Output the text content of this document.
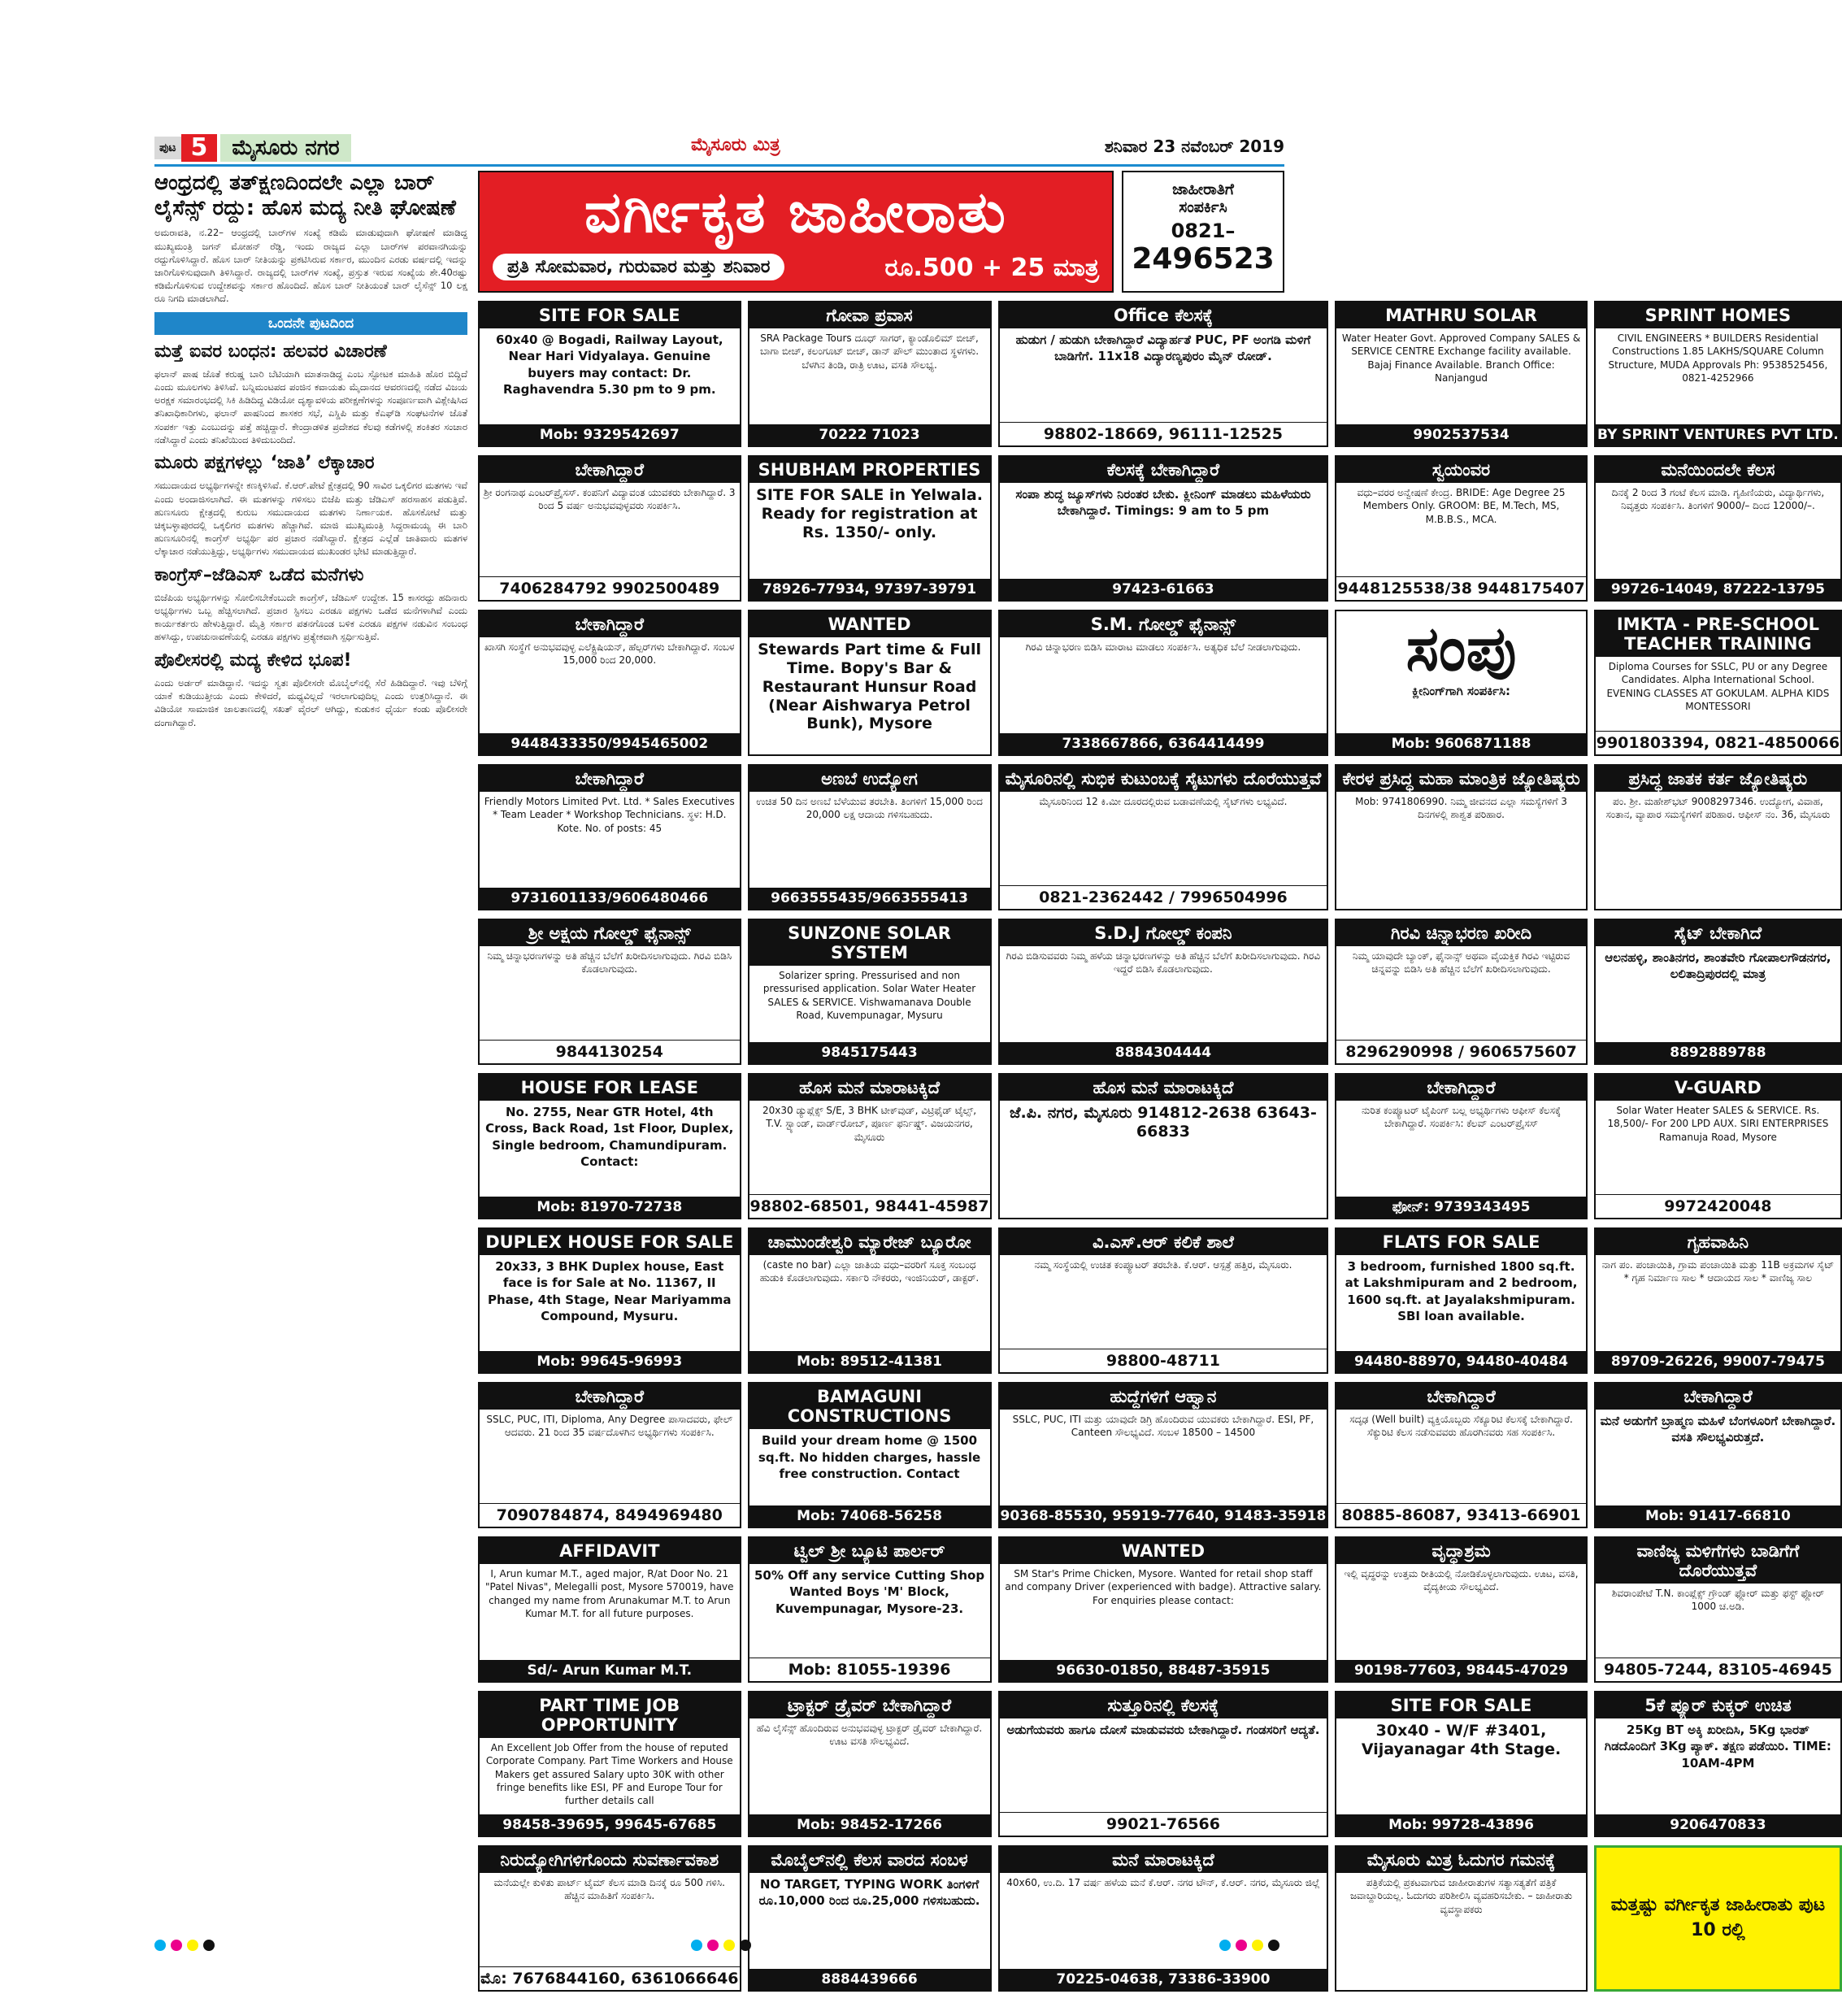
ಪುಟ 5	ಮೈಸೂರು ನಗರ	ಮೈಸೂರು ಮಿತ್ರ	ಶನಿವಾರ 23 ನವೆಂಬರ್ 2019
ಆಂಧ್ರದಲ್ಲಿ ತತ್‌ಕ್ಷಣದಿಂದಲೇ ಎಲ್ಲಾ ಬಾರ್ ಲೈಸೆನ್ಸ್ ರದ್ದು: ಹೊಸ ಮದ್ಯ ನೀತಿ ಘೋಷಣೆ
ಅಮರಾವತಿ, ನ.22– ಆಂಧ್ರದಲ್ಲಿ ಬಾರ್‌ಗಳ ಸಂಖ್ಯೆ ಕಡಿಮೆ ಮಾಡುವುದಾಗಿ ಘೋಷಣೆ ಮಾಡಿದ್ದ ಮುಖ್ಯಮಂತ್ರಿ ಜಗನ್ ಮೋಹನ್ ರೆಡ್ಡಿ, ಇಂದು ರಾಜ್ಯದ ಎಲ್ಲಾ ಬಾರ್‌ಗಳ ಪರವಾನಗಿಯನ್ನು ರದ್ದುಗೊಳಿಸಿದ್ದಾರೆ. ಹೊಸ ಬಾರ್ ನೀತಿಯನ್ನು ಪ್ರಕಟಿಸಿರುವ ಸರ್ಕಾರ, ಮುಂದಿನ ಎರಡು ವರ್ಷದಲ್ಲಿ ಇದನ್ನು ಜಾರಿಗೊಳಿಸುವುದಾಗಿ ತಿಳಿಸಿದ್ದಾರೆ. ರಾಜ್ಯದಲ್ಲಿ ಬಾರ್‌ಗಳ ಸಂಖ್ಯೆ, ಪ್ರಸ್ತುತ ಇರುವ ಸಂಖ್ಯೆಯ ಶೇ.40ರಷ್ಟು ಕಡಿಮೆಗೊಳಿಸುವ ಉದ್ದೇಶವನ್ನು ಸರ್ಕಾರ ಹೊಂದಿದೆ. ಹೊಸ ಬಾರ್ ನೀತಿಯಂತೆ ಬಾರ್ ಲೈಸೆನ್ಸ್ 10 ಲಕ್ಷ ರೂ ನಿಗದಿ ಮಾಡಲಾಗಿದೆ.
ಒಂದನೇ ಪುಟದಿಂದ
ಮತ್ತೆ ಐವರ ಬಂಧನ: ಹಲವರ ವಿಚಾರಣೆ
ಫಲಾನ್ ಪಾಷ ಜೊತೆ ಕರುಷ್ಣ ಬಾರಿ ಬೆಟಿಯಾಗಿ ಮಾತನಾಡಿದ್ದ ಎಂಬ ಸ್ಫೋಟಕ ಮಾಹಿತಿ ಹೊರ ಬಿದ್ದಿದೆ ಎಂದು ಮೂಲಗಳು ತಿಳಿಸಿವೆ. ಬನ್ನಿಮಂಟಪದ ಪಂಜಿನ ಕವಾಯತು ಮೈದಾನದ ಆವರಣದಲ್ಲಿ ನಡೆದ ವಿಜಯ ಅರಕ್ಷಕ ಸಮಾರಂಭದಲ್ಲಿ ಸಿಕಿ ಹಿಡಿದಿದ್ದ ವಿಡಿಯೋ ದೃಶ್ಯಾವಳಿಯ ಪರೀಕ್ಷಣೆಗಳನ್ನು ಸಂಪೂರ್ಣವಾಗಿ ವಿಶ್ಲೇಷಿಸಿದ ತನಿಖಾಧಿಕಾರಿಗಳು, ಫಲಾನ್ ಪಾಷನಿಂದ ಶಾಸಕರ ಸಭೆ, ಎಸ್ಡಿಪಿ ಮತ್ತು ಕೆಎಫ್‌ಡಿ ಸಂಘಟನೆಗಳ ಜೊತೆ ಸಂಪರ್ಕ ಇತ್ತು ಎಂಬುದನ್ನು ಪತ್ತೆ ಹಚ್ಚಿದ್ದಾರೆ. ಕೇಂದ್ರಾಡಳಿತ ಪ್ರದೇಶದ ಕೆಲವು ಕಡೆಗಳಲ್ಲಿ ಶಂಕಿತರ ಸಂಚಾರ ನಡೆಸಿದ್ದಾರೆ ಎಂದು ತನಿಖೆಯಿಂದ ತಿಳಿದುಬಂದಿದೆ.
ಮೂರು ಪಕ್ಷಗಳಲ್ಲು ‘ಜಾತಿ’ ಲೆಕ್ಕಾಚಾರ
ಸಮುದಾಯದ ಅಭ್ಯರ್ಥಿಗಳನ್ನೇ ಕಣಕ್ಕಿಳಿಸಿವೆ. ಕೆ.ಆರ್.ಪೇಟೆ ಕ್ಷೇತ್ರದಲ್ಲಿ 90 ಸಾವಿರ ಒಕ್ಕಲಿಗರ ಮತಗಳು ಇವೆ ಎಂದು ಅಂದಾಜಿಸಲಾಗಿದೆ. ಈ ಮತಗಳನ್ನು ಗಳಿಸಲು ಬಿಜೆಪಿ ಮತ್ತು ಜೆಡಿಎಸ್ ಹರಸಾಹಸ ಪಡುತ್ತಿವೆ. ಹುಣಸೂರು ಕ್ಷೇತ್ರದಲ್ಲಿ ಕುರುಬ ಸಮುದಾಯದ ಮತಗಳು ನಿರ್ಣಾಯಕ. ಹೊಸಕೋಟೆ ಮತ್ತು ಚಿಕ್ಕಬಳ್ಳಾಪುರದಲ್ಲಿ ಒಕ್ಕಲಿಗರ ಮತಗಳು ಹೆಚ್ಚಾಗಿವೆ. ಮಾಜಿ ಮುಖ್ಯಮಂತ್ರಿ ಸಿದ್ದರಾಮಯ್ಯ ಈ ಬಾರಿ ಹುಣಸೂರಿನಲ್ಲಿ ಕಾಂಗ್ರೆಸ್ ಅಭ್ಯರ್ಥಿ ಪರ ಪ್ರಚಾರ ನಡೆಸಿದ್ದಾರೆ. ಕ್ಷೇತ್ರದ ಎಲ್ಲೆಡೆ ಜಾತಿವಾರು ಮತಗಳ ಲೆಕ್ಕಾಚಾರ ನಡೆಯುತ್ತಿದ್ದು, ಅಭ್ಯರ್ಥಿಗಳು ಸಮುದಾಯದ ಮುಖಂಡರ ಭೇಟಿ ಮಾಡುತ್ತಿದ್ದಾರೆ.
ಕಾಂಗ್ರೆಸ್–ಜೆಡಿಎಸ್ ಒಡೆದ ಮನೆಗಳು
ಬಿಜೆಪಿಯ ಅಭ್ಯರ್ಥಿಗಳನ್ನು ಸೋಲಿಸಬೇಕೆಂಬುದೇ ಕಾಂಗ್ರೆಸ್, ಜೆಡಿಎಸ್ ಉದ್ದೇಶ. 15 ಕಾಸರದ್ದು ಹದಿನಾರು ಅಭ್ಯರ್ಥಿಗಳು ಒಬ್ಬ ಹೆಚ್ಚಿಸಲಾಗಿದೆ. ಪ್ರಚಾರ ಸ್ಟಿಸಲು ಎರಡೂ ಪಕ್ಷಗಳು ಒಡೆದ ಮನೆಗಳಾಗಿವೆ ಎಂದು ಕಾರ್ಯಕರ್ತರು ಹೇಳುತ್ತಿದ್ದಾರೆ. ಮೈತ್ರಿ ಸರ್ಕಾರ ಪತನಗೊಂಡ ಬಳಿಕ ಎರಡೂ ಪಕ್ಷಗಳ ನಡುವಿನ ಸಂಬಂಧ ಹಳಸಿದ್ದು, ಉಪಚುನಾವಣೆಯಲ್ಲಿ ಎರಡೂ ಪಕ್ಷಗಳು ಪ್ರತ್ಯೇಕವಾಗಿ ಸ್ಪರ್ಧಿಸುತ್ತಿವೆ.
ಪೊಲೀಸರಲ್ಲಿ ಮದ್ಯ ಕೇಳಿದ ಭೂಪ!
ಎಂದು ಅರ್ಡರ್ ಮಾಡಿದ್ದಾನೆ. ಇದನ್ನು ಸ್ವತಃ ಪೊಲೀಸರೇ ಮೊಬೈಲ್‌ನಲ್ಲಿ ಸೆರೆ ಹಿಡಿದಿದ್ದಾರೆ. ಇವು ಬೆಳಿಗ್ಗೆ ಯಾಕೆ ಕುಡಿಯುತ್ತೀಯ ಎಂದು ಕೇಳಿದರೆ, ಮಧ್ಯವಿಲ್ಲದೆ ಇರಲಾಗುವುದಿಲ್ಲ ಎಂದು ಉತ್ತರಿಸಿದ್ದಾನೆ. ಈ ವಿಡಿಯೋ ಸಾಮಾಜಿಕ ಜಾಲತಾಣದಲ್ಲಿ ಸಖತ್ ವೈರಲ್ ಆಗಿದ್ದು, ಕುಡುಕನ ಧೈರ್ಯ ಕಂಡು ಪೊಲೀಸರೇ ದಂಗಾಗಿದ್ದಾರೆ.
ವರ್ಗೀಕೃತ ಜಾಹೀರಾತು
ಪ್ರತಿ ಸೋಮವಾರ, ಗುರುವಾರ ಮತ್ತು ಶನಿವಾರ	ರೂ.500 + 25 ಮಾತ್ರ
ಜಾಹೀರಾತಿಗೆ
ಸಂಪರ್ಕಿಸಿ
0821–
2496523
SITE FOR SALE
60x40 @ Bogadi, Railway Layout, Near Hari Vidyalaya. Genuine buyers may contact: Dr. Raghavendra 5.30 pm to 9 pm.
Mob: 9329542697
ಗೋವಾ ಪ್ರವಾಸ
SRA Package Tours ದೂಧ್ ಸಾಗರ್, ಕ್ಯಾಂಡೊಲಿಮ್ ಬೀಚ್, ಬಾಗಾ ಬೀಚ್, ಕಲಂಗೂಟ್ ಬೀಚ್, ಡಾನ್ ಪೌಲ್ ಮುಂತಾದ ಸ್ಥಳಗಳು. ಬೆಳಗಿನ ತಿಂಡಿ, ರಾತ್ರಿ ಊಟ, ವಸತಿ ಸೌಲಭ್ಯ.
70222 71023
Office ಕೆಲಸಕ್ಕೆ
ಹುಡುಗ / ಹುಡುಗಿ ಬೇಕಾಗಿದ್ದಾರೆ ವಿದ್ಯಾರ್ಹತೆ PUC, PF ಅಂಗಡಿ ಮಳಿಗೆ ಬಾಡಿಗೆಗೆ. 11x18 ವಿದ್ಯಾರಣ್ಯಪುರಂ ಮೈನ್ ರೋಡ್.
98802-18669, 96111-12525
MATHRU SOLAR
Water Heater Govt. Approved Company SALES & SERVICE CENTRE Exchange facility available. Bajaj Finance Available. Branch Office: Nanjangud
9902537534
SPRINT HOMES
CIVIL ENGINEERS * BUILDERS Residential Constructions 1.85 LAKHS/SQUARE Column Structure, MUDA Approvals Ph: 9538525456, 0821-4252966
BY SPRINT VENTURES PVT LTD.
ಬೇಕಾಗಿದ್ದಾರೆ
ಶ್ರೀ ರಂಗನಾಥ ಎಂಟರ್‌ಪ್ರೈಸಸ್. ಕಂಪನಿಗೆ ವಿದ್ಯಾವಂತ ಯುವಕರು ಬೇಕಾಗಿದ್ದಾರೆ. 3 ರಿಂದ 5 ವರ್ಷ ಅನುಭವವುಳ್ಳವರು ಸಂಪರ್ಕಿಸಿ.
7406284792 9902500489
SHUBHAM PROPERTIES
SITE FOR SALE in Yelwala. Ready for registration at Rs. 1350/- only.
78926-77934, 97397-39791
ಕೆಲಸಕ್ಕೆ ಬೇಕಾಗಿದ್ದಾರೆ
ಸಂಪಾ ಶುದ್ಧ ಜ್ಯೂಸ್‌ಗಳು ನಿರಂತರ ಬೇಕು. ಕ್ಲೀನಿಂಗ್ ಮಾಡಲು ಮಹಿಳೆಯರು ಬೇಕಾಗಿದ್ದಾರೆ. Timings: 9 am to 5 pm
97423-61663
ಸ್ವಯಂವರ
ವಧು–ವರರ ಅನ್ವೇಷಣೆ ಕೇಂದ್ರ. BRIDE: Age Degree 25 Members Only. GROOM: BE, M.Tech, MS, M.B.B.S., MCA.
9448125538/38 9448175407
ಮನೆಯಿಂದಲೇ ಕೆಲಸ
ದಿನಕ್ಕೆ 2 ರಿಂದ 3 ಗಂಟೆ ಕೆಲಸ ಮಾಡಿ. ಗೃಹಿಣಿಯರು, ವಿದ್ಯಾರ್ಥಿಗಳು, ನಿವೃತ್ತರು ಸಂಪರ್ಕಿಸಿ. ತಿಂಗಳಿಗೆ 9000/– ದಿಂದ 12000/–.
99726-14049, 87222-13795
ಬೇಕಾಗಿದ್ದಾರೆ
ಖಾಸಗಿ ಸಂಸ್ಥೆಗೆ ಅನುಭವವುಳ್ಳ ಎಲೆಕ್ಟ್ರಿಷಿಯನ್, ಹೆಲ್ಪರ್‌ಗಳು ಬೇಕಾಗಿದ್ದಾರೆ. ಸಂಬಳ 15,000 ರಿಂದ 20,000.
9448433350/9945465002
WANTED
Stewards Part time & Full Time. Bopy's Bar & Restaurant Hunsur Road (Near Aishwarya Petrol Bunk), Mysore
S.M. ಗೋಲ್ಡ್ ಫೈನಾನ್ಸ್
ಗಿರವಿ ಚಿನ್ನಾಭರಣ ಬಿಡಿಸಿ ಮಾರಾಟ ಮಾಡಲು ಸಂಪರ್ಕಿಸಿ. ಅತ್ಯಧಿಕ ಬೆಲೆ ನೀಡಲಾಗುವುದು.
7338667866, 6364414499
ಸಂಪು
ಕ್ಲೀನಿಂಗ್‌ಗಾಗಿ ಸಂಪರ್ಕಿಸಿ:
Mob: 9606871188
IMKTA - PRE-SCHOOL TEACHER TRAINING
Diploma Courses for SSLC, PU or any Degree Candidates. Alpha International School. EVENING CLASSES AT GOKULAM. ALPHA KIDS MONTESSORI
9901803394, 0821-4850066
ಬೇಕಾಗಿದ್ದಾರೆ
Friendly Motors Limited Pvt. Ltd. * Sales Executives * Team Leader * Workshop Technicians. ಸ್ಥಳ: H.D. Kote. No. of posts: 45
9731601133/9606480466
ಅಣಬೆ ಉದ್ಯೋಗ
ಉಚಿತ 50 ದಿನ ಅಣಬೆ ಬೆಳೆಯುವ ತರಬೇತಿ. ತಿಂಗಳಿಗೆ 15,000 ರಿಂದ 20,000 ಲಕ್ಷ ಆದಾಯ ಗಳಿಸಬಹುದು.
9663555435/9663555413
ಮೈಸೂರಿನಲ್ಲಿ ಸುಭಿಕ ಕುಟುಂಬಕ್ಕೆ ಸೈಟುಗಳು ದೊರೆಯುತ್ತವೆ
ಮೈಸೂರಿನಿಂದ 12 ಕಿ.ಮೀ ದೂರದಲ್ಲಿರುವ ಬಡಾವಣೆಯಲ್ಲಿ ಸೈಟ್‌ಗಳು ಲಭ್ಯವಿದೆ.
0821-2362442 / 7996504996
ಕೇರಳ ಪ್ರಸಿದ್ಧ ಮಹಾ ಮಾಂತ್ರಿಕ ಜ್ಯೋತಿಷ್ಯರು
Mob: 9741806990. ನಿಮ್ಮ ಜೀವನದ ಎಲ್ಲಾ ಸಮಸ್ಯೆಗಳಿಗೆ 3 ದಿನಗಳಲ್ಲಿ ಶಾಶ್ವತ ಪರಿಹಾರ.
ಪ್ರಸಿದ್ಧ ಜಾತಕ ಕರ್ತ ಜ್ಯೋತಿಷ್ಯರು
ಪಂ. ಶ್ರೀ. ಮಹೇಶ್‌ಭಟ್ 9008297346. ಉದ್ಯೋಗ, ವಿವಾಹ, ಸಂತಾನ, ವ್ಯಾಪಾರ ಸಮಸ್ಯೆಗಳಿಗೆ ಪರಿಹಾರ. ಆಫೀಸ್ ನಂ. 36, ಮೈಸೂರು
ಶ್ರೀ ಅಕ್ಷಯ ಗೋಲ್ಡ್ ಫೈನಾನ್ಸ್
ನಿಮ್ಮ ಚಿನ್ನಾಭರಣಗಳನ್ನು ಅತಿ ಹೆಚ್ಚಿನ ಬೆಲೆಗೆ ಖರೀದಿಸಲಾಗುವುದು. ಗಿರವಿ ಬಿಡಿಸಿ ಕೊಡಲಾಗುವುದು.
9844130254
SUNZONE SOLAR SYSTEM
Solarizer spring. Pressurised and non pressurised application. Solar Water Heater SALES & SERVICE. Vishwamanava Double Road, Kuvempunagar, Mysuru
9845175443
S.D.J ಗೋಲ್ಡ್ ಕಂಪನಿ
ಗಿರವಿ ಬಿಡಿಸುವವರು ನಿಮ್ಮ ಹಳೆಯ ಚಿನ್ನಾಭರಣಗಳನ್ನು ಅತಿ ಹೆಚ್ಚಿನ ಬೆಲೆಗೆ ಖರೀದಿಸಲಾಗುವುದು. ಗಿರವಿ ಇದ್ದರೆ ಬಿಡಿಸಿ ಕೊಡಲಾಗುವುದು.
8884304444
ಗಿರವಿ ಚಿನ್ನಾಭರಣ ಖರೀದಿ
ನಿಮ್ಮ ಯಾವುದೇ ಬ್ಯಾಂಕ್, ಫೈನಾನ್ಸ್ ಅಥವಾ ವೈಯಕ್ತಿಕ ಗಿರವಿ ಇಟ್ಟಿರುವ ಚಿನ್ನವನ್ನು ಬಿಡಿಸಿ ಅತಿ ಹೆಚ್ಚಿನ ಬೆಲೆಗೆ ಖರೀದಿಸಲಾಗುವುದು.
8296290998 / 9606575607
ಸೈಟ್ ಬೇಕಾಗಿದೆ
ಆಲನಹಳ್ಳಿ, ಶಾಂತಿನಗರ, ಶಾಂತವೇರಿ ಗೋಪಾಲಗೌಡನಗರ, ಲಲಿತಾದ್ರಿಪುರದಲ್ಲಿ ಮಾತ್ರ
8892889788
HOUSE FOR LEASE
No. 2755, Near GTR Hotel, 4th Cross, Back Road, 1st Floor, Duplex, Single bedroom, Chamundipuram. Contact:
Mob: 81970-72738
ಹೊಸ ಮನೆ ಮಾರಾಟಕ್ಕಿದೆ
20x30 ಡ್ಯುಪ್ಲೆಕ್ಸ್ S/E, 3 BHK ಟೀಕ್‌ವುಡ್, ವಿಟ್ರಿಫೈಡ್ ಟೈಲ್ಸ್, T.V. ಸ್ಟ್ಯಾಂಡ್, ವಾರ್ಡ್‌ರೋಬ್, ಪೂರ್ಣ ಫರ್ನಿಷ್ಡ್. ವಿಜಯನಗರ, ಮೈಸೂರು
98802-68501, 98441-45987
ಹೊಸ ಮನೆ ಮಾರಾಟಕ್ಕಿದೆ
ಜೆ.ಪಿ. ನಗರ, ಮೈಸೂರು 914812-2638 63643-66833
ಬೇಕಾಗಿದ್ದಾರೆ
ನುರಿತ ಕಂಪ್ಯೂಟರ್ ಟೈಪಿಂಗ್ ಬಲ್ಲ ಅಭ್ಯರ್ಥಿಗಳು ಆಫೀಸ್ ಕೆಲಸಕ್ಕೆ ಬೇಕಾಗಿದ್ದಾರೆ. ಸಂಪರ್ಕಿಸಿ: ಕೆಲವ್ ಎಂಟರ್‌ಪ್ರೈಸಸ್
ಫೋನ್: 9739343495
V-GUARD
Solar Water Heater SALES & SERVICE. Rs. 18,500/- For 200 LPD AUX. SIRI ENTERPRISES Ramanuja Road, Mysore
9972420048
DUPLEX HOUSE FOR SALE
20x33, 3 BHK Duplex house, East face is for Sale at No. 11367, II Phase, 4th Stage, Near Mariyamma Compound, Mysuru.
Mob: 99645-96993
ಚಾಮುಂಡೇಶ್ವರಿ ಮ್ಯಾರೇಜ್ ಬ್ಯೂರೋ
(caste no bar) ಎಲ್ಲಾ ಜಾತಿಯ ವಧು–ವರರಿಗೆ ಸೂಕ್ತ ಸಂಬಂಧ ಹುಡುಕಿ ಕೊಡಲಾಗುವುದು. ಸರ್ಕಾರಿ ನೌಕರರು, ಇಂಜಿನಿಯರ್, ಡಾಕ್ಟರ್.
Mob: 89512-41381
ವಿ.ಎಸ್.ಆರ್ ಕಲಿಕೆ ಶಾಲೆ
ನಮ್ಮ ಸಂಸ್ಥೆಯಲ್ಲಿ ಉಚಿತ ಕಂಪ್ಯೂಟರ್ ತರಬೇತಿ. ಕೆ.ಆರ್. ಆಸ್ಪತ್ರೆ ಹತ್ತಿರ, ಮೈಸೂರು.
98800-48711
FLATS FOR SALE
3 bedroom, furnished 1800 sq.ft. at Lakshmipuram and 2 bedroom, 1600 sq.ft. at Jayalakshmipuram. SBI loan available.
94480-88970, 94480-40484
ಗೃಹವಾಹಿನಿ
ನಾಗ ಪಂ. ಪಂಚಾಯಿತಿ, ಗ್ರಾಮ ಪಂಚಾಯಿತಿ ಮತ್ತು 11B ಅಕ್ರಮಗಳ ಸೈಟ್ * ಗೃಹ ನಿರ್ಮಾಣ ಸಾಲ * ಆದಾಯದ ಸಾಲ * ವಾಣಿಜ್ಯ ಸಾಲ
89709-26226, 99007-79475
ಬೇಕಾಗಿದ್ದಾರೆ
SSLC, PUC, ITI, Diploma, Any Degree ಪಾಸಾದವರು, ಫೇಲ್ ಆದವರು. 21 ರಿಂದ 35 ವರ್ಷದೊಳಗಿನ ಅಭ್ಯರ್ಥಿಗಳು ಸಂಪರ್ಕಿಸಿ.
7090784874, 8494969480
BAMAGUNI CONSTRUCTIONS
Build your dream home @ 1500 sq.ft. No hidden charges, hassle free construction. Contact
Mob: 74068-56258
ಹುದ್ದೆಗಳಿಗೆ ಆಹ್ವಾನ
SSLC, PUC, ITI ಮತ್ತು ಯಾವುದೇ ಡಿಗ್ರಿ ಹೊಂದಿರುವ ಯುವಕರು ಬೇಕಾಗಿದ್ದಾರೆ. ESI, PF, Canteen ಸೌಲಭ್ಯವಿದೆ. ಸಂಬಳ 18500 – 14500
90368-85530, 95919-77640, 91483-35918
ಬೇಕಾಗಿದ್ದಾರೆ
ಸದೃಢ (Well built) ವ್ಯಕ್ತಿಯೊಬ್ಬರು ಸೆಕ್ಯೂರಿಟಿ ಕೆಲಸಕ್ಕೆ ಬೇಕಾಗಿದ್ದಾರೆ. ಸೆಕ್ಯುರಿಟಿ ಕೆಲಸ ನಡೆಸುವವರು ಹೊರಗಿನವರು ಸಹ ಸಂಪರ್ಕಿಸಿ.
80885-86087, 93413-66901
ಬೇಕಾಗಿದ್ದಾರೆ
ಮನೆ ಅಡುಗೆಗೆ ಬ್ರಾಹ್ಮಣ ಮಹಿಳೆ ಬೆಂಗಳೂರಿಗೆ ಬೇಕಾಗಿದ್ದಾರೆ. ವಸತಿ ಸೌಲಭ್ಯವಿರುತ್ತದೆ.
Mob: 91417-66810
AFFIDAVIT
I, Arun kumar M.T., aged major, R/at Door No. 21 "Patel Nivas", Melegalli post, Mysore 570019, have changed my name from Arunakumar M.T. to Arun Kumar M.T. for all future purposes.
Sd/- Arun Kumar M.T.
ಟ್ವಿಲ್ ಶ್ರೀ ಬ್ಯೂಟಿ ಪಾರ್ಲರ್
50% Off any service Cutting Shop Wanted Boys 'M' Block, Kuvempunagar, Mysore-23.
Mob: 81055-19396
WANTED
SM Star's Prime Chicken, Mysore. Wanted for retail shop staff and company Driver (experienced with badge). Attractive salary. For enquiries please contact:
96630-01850, 88487-35915
ವೃದ್ಧಾಶ್ರಮ
ಇಲ್ಲಿ ವೃದ್ಧರನ್ನು ಉತ್ತಮ ರೀತಿಯಲ್ಲಿ ನೋಡಿಕೊಳ್ಳಲಾಗುವುದು. ಊಟ, ವಸತಿ, ವೈದ್ಯಕೀಯ ಸೌಲಭ್ಯವಿದೆ.
90198-77603, 98445-47029
ವಾಣಿಜ್ಯ ಮಳಿಗೆಗಳು ಬಾಡಿಗೆಗೆ ದೊರೆಯುತ್ತವೆ
ಶಿವರಾಂಪೇಟೆ T.N. ಕಾಂಪ್ಲೆಕ್ಸ್ ಗ್ರೌಂಡ್ ಫ್ಲೋರ್ ಮತ್ತು ಫಸ್ಟ್ ಫ್ಲೋರ್ 1000 ಚ.ಅಡಿ.
94805-7244, 83105-46945
PART TIME JOB OPPORTUNITY
An Excellent Job Offer from the house of reputed Corporate Company. Part Time Workers and House Makers get assured Salary upto 30K with other fringe benefits like ESI, PF and Europe Tour for further details call
98458-39695, 99645-67685
ಟ್ರಾಕ್ಟರ್ ಡ್ರೈವರ್ ಬೇಕಾಗಿದ್ದಾರೆ
ಹೆವಿ ಲೈಸೆನ್ಸ್ ಹೊಂದಿರುವ ಅನುಭವವುಳ್ಳ ಟ್ರಾಕ್ಟರ್ ಡ್ರೈವರ್ ಬೇಕಾಗಿದ್ದಾರೆ. ಊಟ ವಸತಿ ಸೌಲಭ್ಯವಿದೆ.
Mob: 98452-17266
ಸುತ್ತೂರಿನಲ್ಲಿ ಕೆಲಸಕ್ಕೆ
ಅಡುಗೆಯವರು ಹಾಗೂ ದೋಸೆ ಮಾಡುವವರು ಬೇಕಾಗಿದ್ದಾರೆ. ಗಂಡಸರಿಗೆ ಆದ್ಯತೆ.
99021-76566
SITE FOR SALE
30x40 - W/F #3401, Vijayanagar 4th Stage.
Mob: 99728-43896
5ಕೆ ಪ್ಯೂರ್ ಕುಕ್ಕರ್ ಉಚಿತ
25Kg BT ಅಕ್ಕಿ ಖರೀದಿಸಿ, 5Kg ಭಾರತ್ ಗಿಡದೊಂದಿಗೆ 3Kg ಪ್ಯಾಕ್. ತಕ್ಷಣ ಪಡೆಯಿರಿ. TIME: 10AM-4PM
9206470833
ನಿರುದ್ಯೋಗಿಗಳಿಗೊಂದು ಸುವರ್ಣಾವಕಾಶ
ಮನೆಯಲ್ಲೇ ಕುಳಿತು ಪಾರ್ಟ್ ಟೈಮ್ ಕೆಲಸ ಮಾಡಿ ದಿನಕ್ಕೆ ರೂ 500 ಗಳಿಸಿ. ಹೆಚ್ಚಿನ ಮಾಹಿತಿಗೆ ಸಂಪರ್ಕಿಸಿ.
ಮೊ: 7676844160, 6361066646
ಮೊಬೈಲ್‌ನಲ್ಲಿ ಕೆಲಸ ವಾರದ ಸಂಬಳ
NO TARGET, TYPING WORK ತಿಂಗಳಿಗೆ ರೂ.10,000 ರಿಂದ ರೂ.25,000 ಗಳಿಸಬಹುದು.
8884439666
ಮನೆ ಮಾರಾಟಕ್ಕಿದೆ
40x60, ಉ.ದಿ. 17 ವರ್ಷ ಹಳೆಯ ಮನೆ ಕೆ.ಆರ್. ನಗರ ಟೌನ್, ಕೆ.ಆರ್. ನಗರ, ಮೈಸೂರು ಜಿಲ್ಲೆ
70225-04638, 73386-33900
ಮೈಸೂರು ಮಿತ್ರ ಓದುಗರ ಗಮನಕ್ಕೆ
ಪತ್ರಿಕೆಯಲ್ಲಿ ಪ್ರಕಟವಾಗುವ ಜಾಹೀರಾತುಗಳ ಸತ್ಯಾಸತ್ಯತೆಗೆ ಪತ್ರಿಕೆ ಜವಾಬ್ದಾರಿಯಲ್ಲ. ಓದುಗರು ಪರಿಶೀಲಿಸಿ ವ್ಯವಹರಿಸಬೇಕು. – ಜಾಹೀರಾತು ವ್ಯವಸ್ಥಾಪಕರು	ಮತ್ತಷ್ಟು ವರ್ಗೀಕೃತ ಜಾಹೀರಾತು ಪುಟ 10 ರಲ್ಲಿ
